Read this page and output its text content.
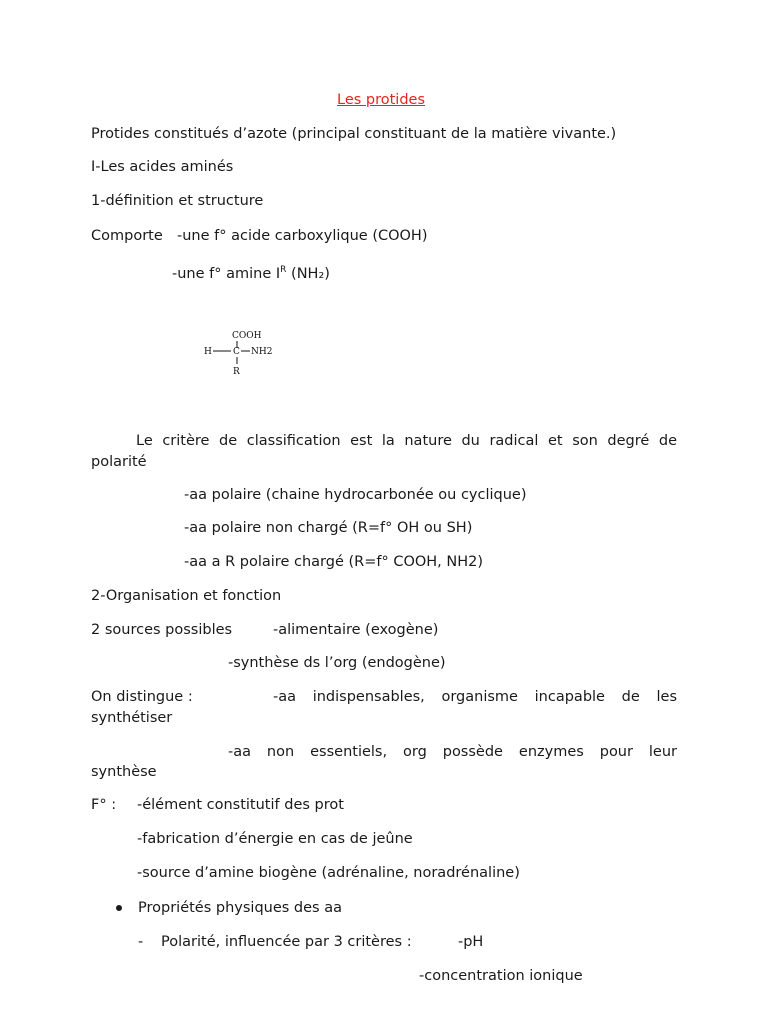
Les protides
Protides constitués d’azote (principal constituant de la matière vivante.)
I-Les acides aminés
1-définition et structure
Comporte -une f° acide carboxylique (COOH)
-une f° amine $I^R$ (NH₂)
COOH
H C NH2
R
Le critère de classification est la nature du radical et son degré de
polarité
-aa polaire (chaine hydrocarbonée ou cyclique)
-aa polaire non chargé (R=f° OH ou SH)
-aa a R polaire chargé (R=f° COOH, NH2)
2-Organisation et fonction
2 sources possibles	-alimentaire (exogène)
-synthèse ds l’org (endogène)
On distingue :	-aa indispensables, organisme incapable de les
synthétiser
-aa non essentiels, org possède enzymes pour leur
synthèse
F° : -élément constitutif des prot
-fabrication d’énergie en cas de jeûne
-source d’amine biogène (adrénaline, noradrénaline)
Propriétés physiques des aa
- Polarité, influencée par 3 critères :	-pH
-concentration ionique
